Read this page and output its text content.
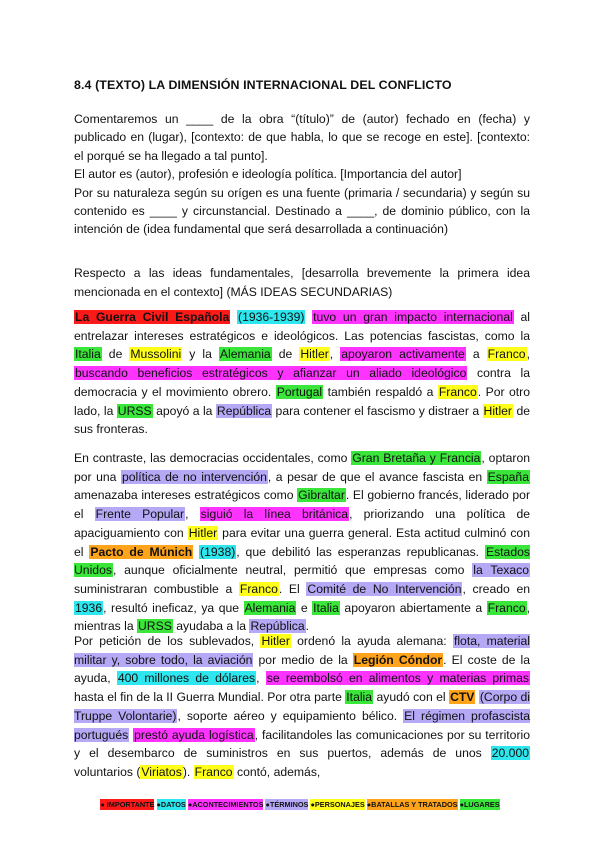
8.4 (TEXTO) LA DIMENSIÓN INTERNACIONAL DEL CONFLICTO
Comentaremos un ____ de la obra “(título)” de (autor) fechado en (fecha) y publicado en (lugar), [contexto: de que habla, lo que se recoge en este]. [contexto: el porqué se ha llegado a tal punto].
El autor es (autor), profesión e ideología política. [Importancia del autor]
Por su naturaleza según su orígen es una fuente (primaria / secundaria) y según su contenido es ____ y circunstancial. Destinado a ____, de dominio público, con la intención de (idea fundamental que será desarrollada a continuación)
Respecto a las ideas fundamentales, [desarrolla brevemente la primera idea mencionada en el contexto] (MÁS IDEAS SECUNDARIAS)
La Guerra Civil Española (1936-1939) tuvo un gran impacto internacional al entrelazar intereses estratégicos e ideológicos. Las potencias fascistas, como la Italia de Mussolini y la Alemania de Hitler, apoyaron activamente a Franco, buscando beneficios estratégicos y afianzar un aliado ideológico contra la democracia y el movimiento obrero. Portugal también respaldó a Franco. Por otro lado, la URSS apoyó a la República para contener el fascismo y distraer a Hitler de sus fronteras.
En contraste, las democracias occidentales, como Gran Bretaña y Francia, optaron por una política de no intervención, a pesar de que el avance fascista en España amenazaba intereses estratégicos como Gibraltar. El gobierno francés, liderado por el Frente Popular, siguió la línea británica, priorizando una política de apaciguamiento con Hitler para evitar una guerra general. Esta actitud culminó con el Pacto de Múnich (1938), que debilitó las esperanzas republicanas. Estados Unidos, aunque oficialmente neutral, permitió que empresas como la Texaco suministraran combustible a Franco. El Comité de No Intervención, creado en 1936, resultó ineficaz, ya que Alemania e Italia apoyaron abiertamente a Franco, mientras la URSS ayudaba a la República.
Por petición de los sublevados, Hitler ordenó la ayuda alemana: flota, material militar y, sobre todo, la aviación por medio de la Legión Cóndor. El coste de la ayuda, 400 millones de dólares, se reembolsó en alimentos y materias primas hasta el fin de la II Guerra Mundial. Por otra parte Italia ayudó con el CTV (Corpo di Truppe Volontarie), soporte aéreo y equipamiento bélico. El régimen profascista portugués prestó ayuda logística, facilitandoles las comunicaciones por su territorio y el desembarco de suministros en sus puertos, además de unos 20.000 voluntarios (Viriatos). Franco contó, además,
● IMPORTANTE ●DATOS ●ACONTECIMIENTOS ●TÉRMINOS ●PERSONAJES ●BATALLAS Y TRATADOS ●LUGARES
